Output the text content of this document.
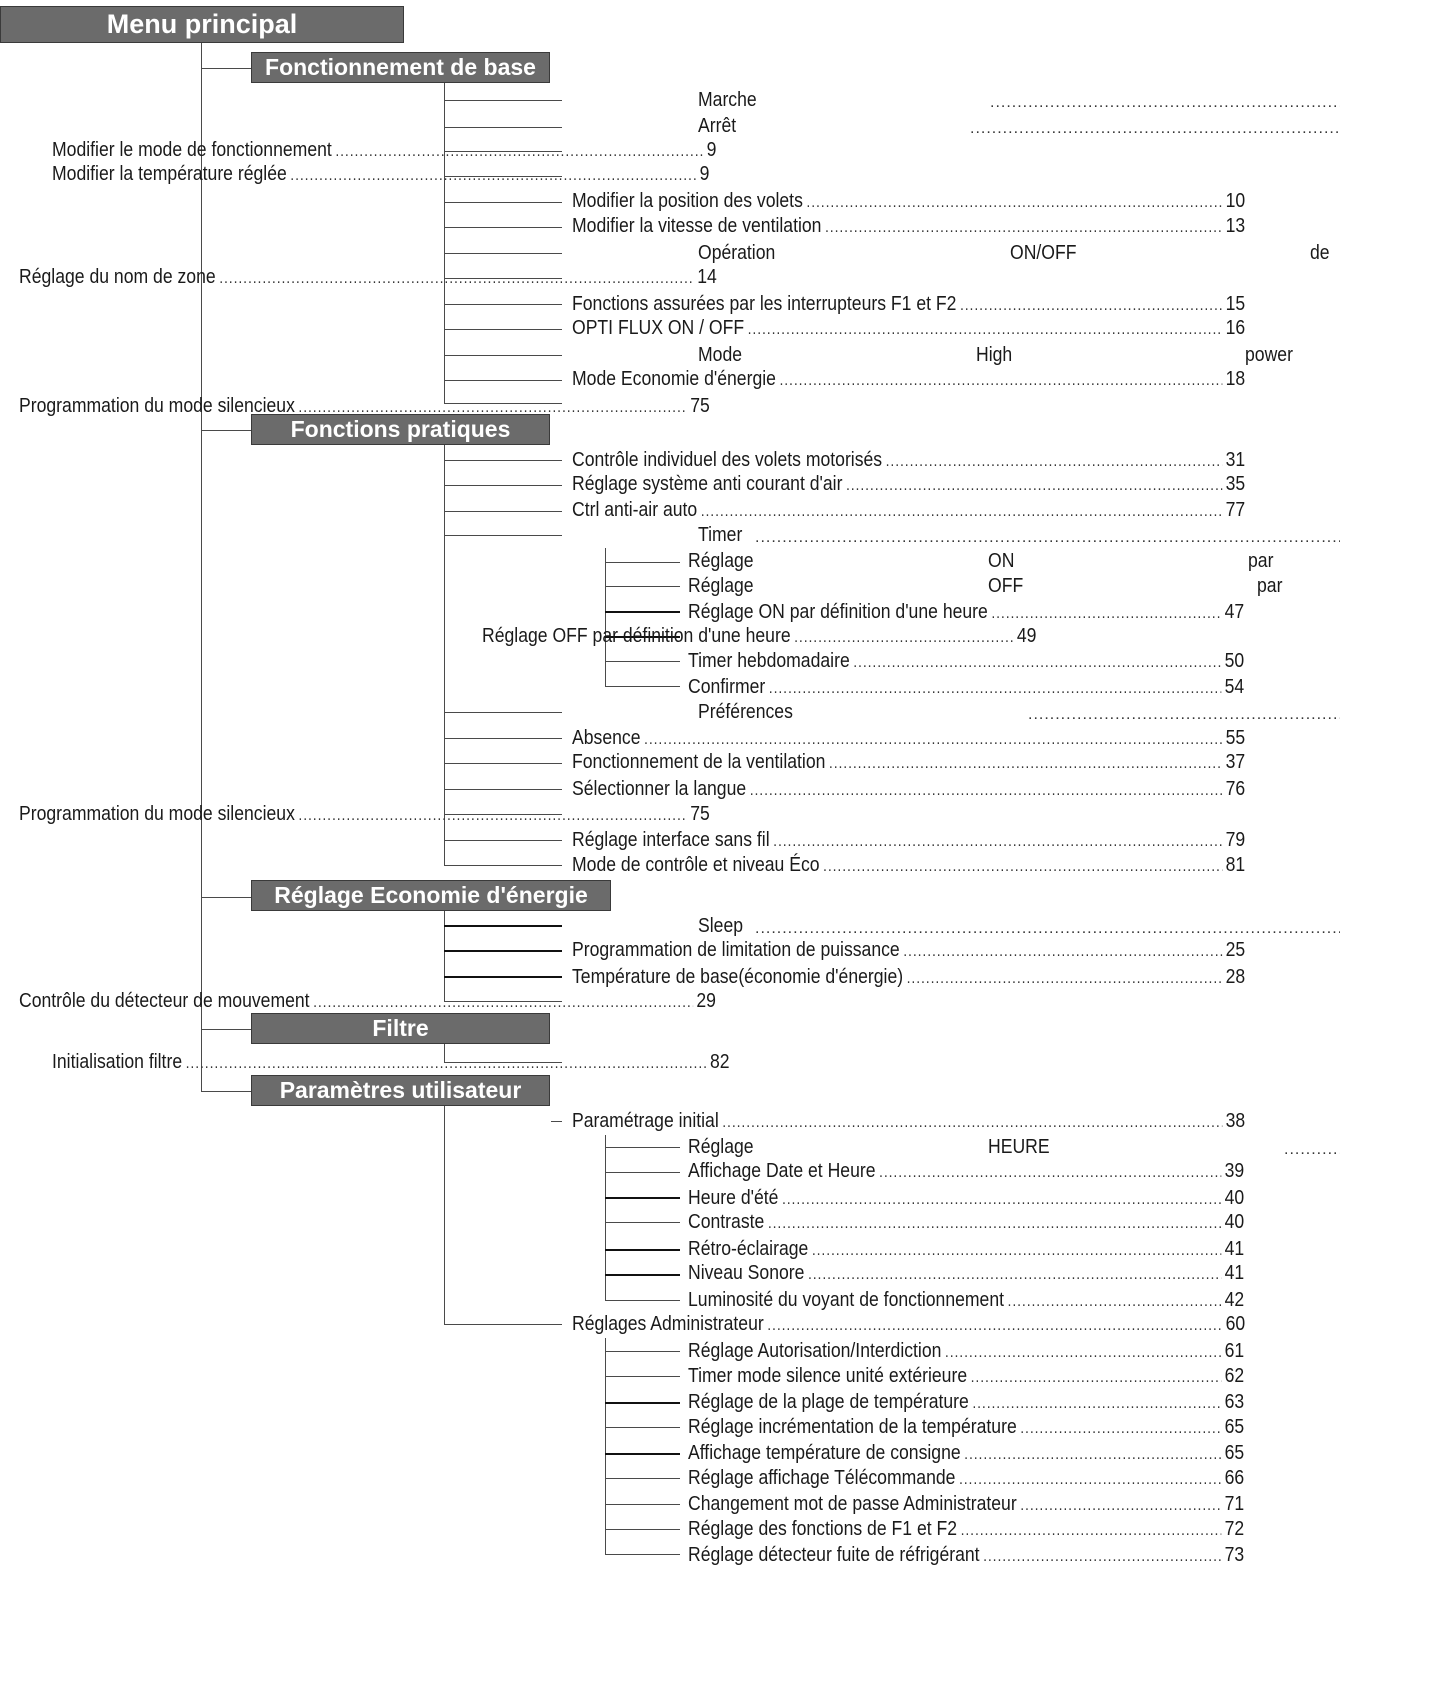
Menu principal
Fonctionnement de base
Fonctions pratiques
Réglage Economie d'énergie
Filtre
Paramètres utilisateur
Marche
.....
Arrêt
.....
Modifier le mode de fonctionnement .....	9
Modifier la température réglée .....	9
Modifier la position des volets .....	10
Modifier la vitesse de ventilation .....	13
Opération	ON/OFF	de
Réglage du nom de zone .....	14
Fonctions assurées par les interrupteurs F1 et F2 .....	15
OPTI FLUX ON / OFF .....	16
Mode	High	power
Mode Economie d'énergie .....	18
Programmation du mode silencieux .....	75
Contrôle individuel des volets motorisés .....	31
Réglage système anti courant d'air .....	35
Ctrl anti-air auto .....	77
Timer
.....
Réglage	ON	par
Réglage	OFF	par
Réglage ON par définition d'une heure .....	47
Réglage OFF par définition d'une heure .....	49
Timer hebdomadaire .....	50
Confirmer .....	54
Préférences
.....
Absence .....	55
Fonctionnement de la ventilation .....	37
Sélectionner la langue .....	76
Programmation du mode silencieux .....	75
Réglage interface sans fil .....	79
Mode de contrôle et niveau Éco .....	81
Sleep
.....
Programmation de limitation de puissance .....	25
Température de base(économie d'énergie) .....	28
Contrôle du détecteur de mouvement .....	29
Initialisation filtre .....	82
Paramétrage initial .....	38
Réglage	HEURE
.....
Affichage Date et Heure .....	39
Heure d'été .....	40
Contraste .....	40
Rétro-éclairage .....	41
Niveau Sonore .....	41
Luminosité du voyant de fonctionnement .....	42
Réglages Administrateur .....	60
Réglage Autorisation/Interdiction .....	61
Timer mode silence unité extérieure .....	62
Réglage de la plage de température .....	63
Réglage incrémentation de la température .....	65
Affichage température de consigne .....	65
Réglage affichage Télécommande .....	66
Changement mot de passe Administrateur .....	71
Réglage des fonctions de F1 et F2 .....	72
Réglage détecteur fuite de réfrigérant .....	73
